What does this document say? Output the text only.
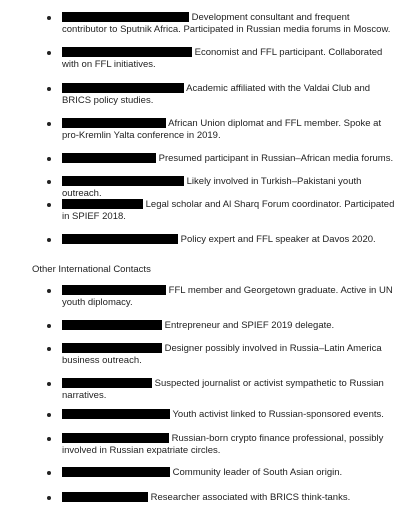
Development consultant and frequent contributor to Sputnik Africa. Participated in Russian media forums in Moscow.

Economist and FFL participant. Collaborated with on FFL initiatives.

Academic affiliated with the Valdai Club and BRICS policy studies.

African Union diplomat and FFL member. Spoke at pro-Kremlin Yalta conference in 2019.

Presumed participant in Russian–African media forums.

Likely involved in Turkish–Pakistani youth outreach.

Legal scholar and Al Sharq Forum coordinator. Participated in SPIEF 2018.

Policy expert and FFL speaker at Davos 2020.

Other International Contacts

FFL member and Georgetown graduate. Active in UN youth diplomacy.

Entrepreneur and SPIEF 2019 delegate.

Designer possibly involved in Russia–Latin America business outreach.

Suspected journalist or activist sympathetic to Russian narratives.

Youth activist linked to Russian-sponsored events.

Russian-born crypto finance professional, possibly involved in Russian expatriate circles.

Community leader of South Asian origin.

Researcher associated with BRICS think-tanks.
